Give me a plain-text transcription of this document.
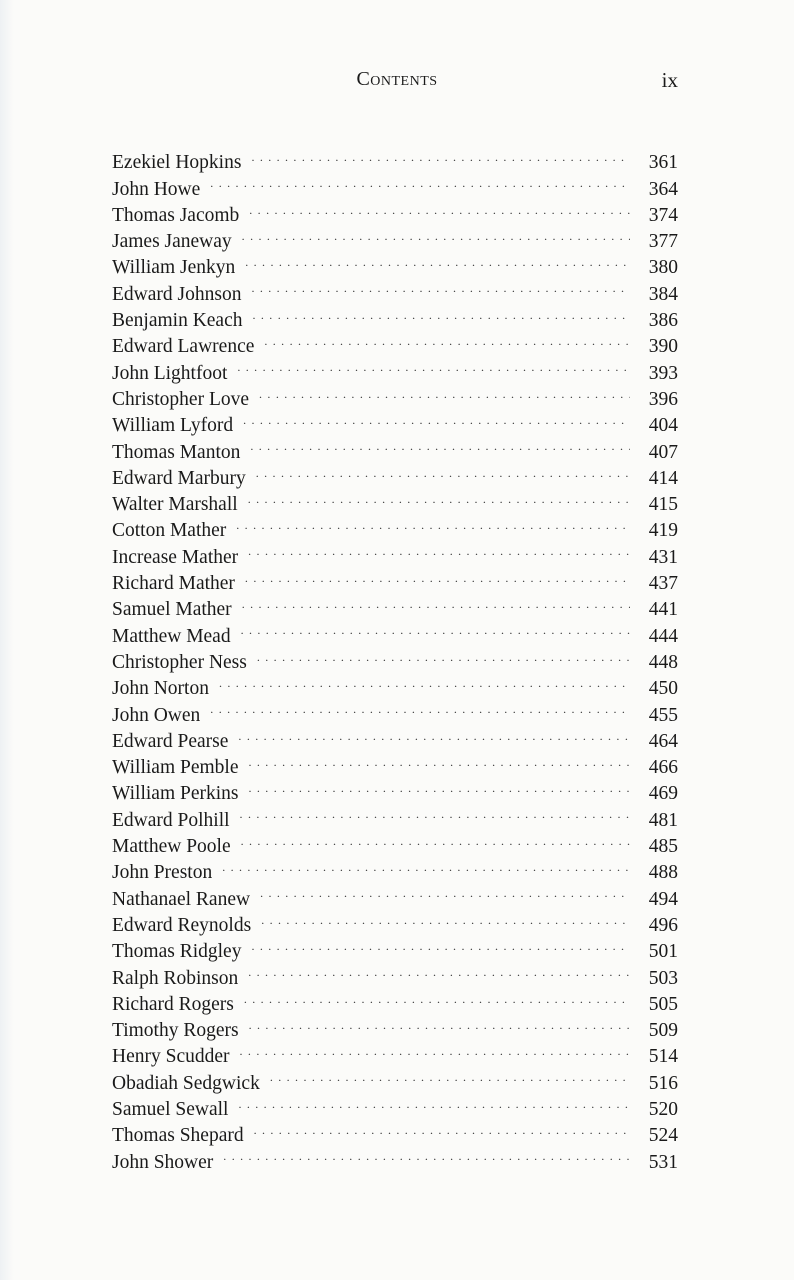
Contents	ix
Ezekiel Hopkins . . .	361
John Howe . . .	364
Thomas Jacomb . . .	374
James Janeway . . .	377
William Jenkyn . . .	380
Edward Johnson . . .	384
Benjamin Keach . . .	386
Edward Lawrence . . .	390
John Lightfoot . . .	393
Christopher Love . . .	396
William Lyford . . .	404
Thomas Manton . . .	407
Edward Marbury . . .	414
Walter Marshall . . .	415
Cotton Mather . . .	419
Increase Mather . . .	431
Richard Mather . . .	437
Samuel Mather . . .	441
Matthew Mead . . .	444
Christopher Ness . . .	448
John Norton . . .	450
John Owen . . .	455
Edward Pearse . . .	464
William Pemble . . .	466
William Perkins . . .	469
Edward Polhill . . .	481
Matthew Poole . . .	485
John Preston . . .	488
Nathanael Ranew . . .	494
Edward Reynolds . . .	496
Thomas Ridgley . . .	501
Ralph Robinson . . .	503
Richard Rogers . . .	505
Timothy Rogers . . .	509
Henry Scudder . . .	514
Obadiah Sedgwick . . .	516
Samuel Sewall . . .	520
Thomas Shepard . . .	524
John Shower . . .	531
